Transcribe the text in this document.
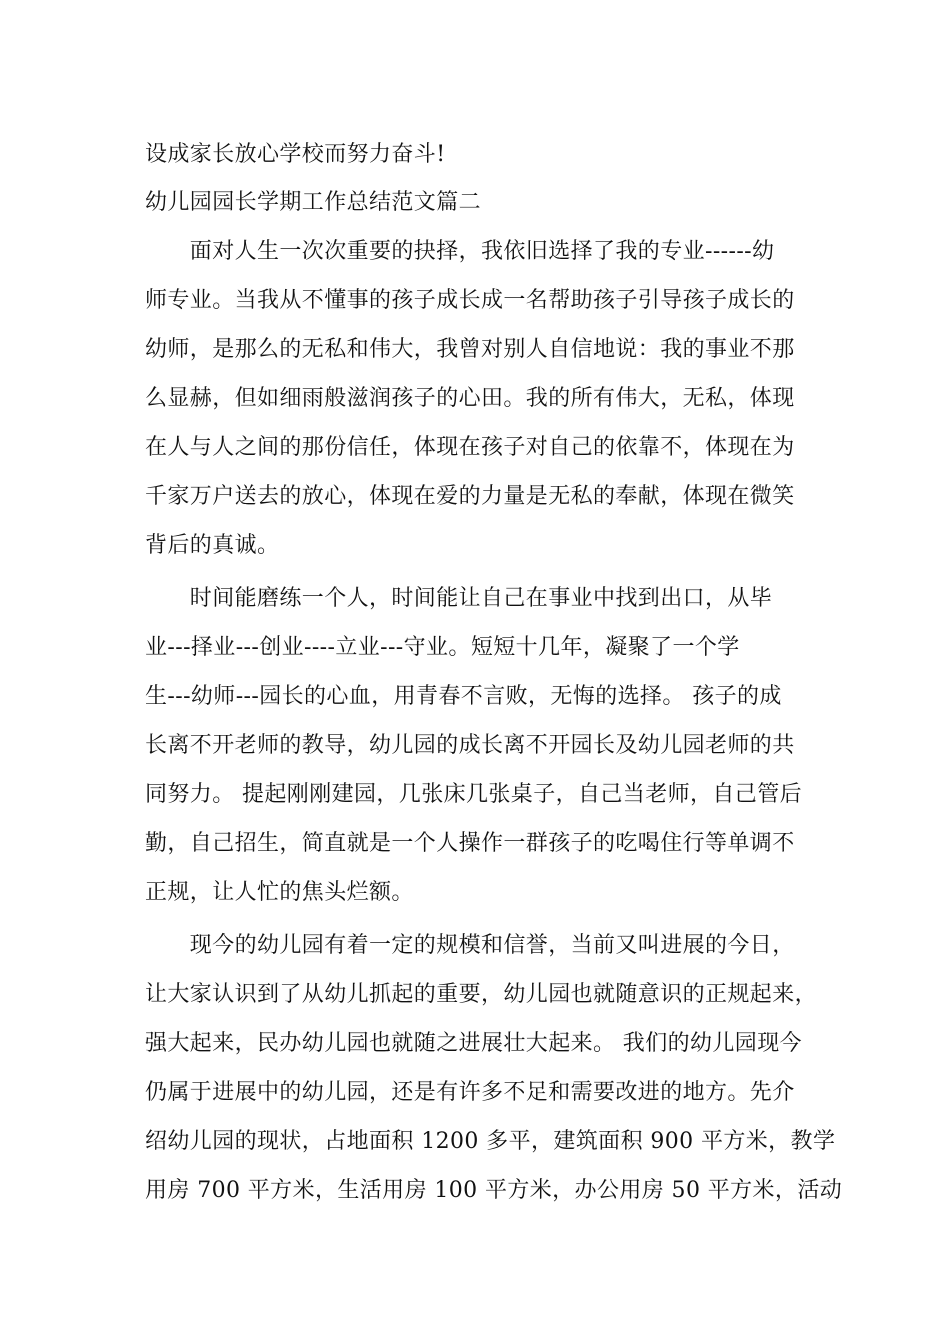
设成家长放心学校而努力奋斗!
幼儿园园长学期工作总结范文篇二
　　面对人生一次次重要的抉择，我依旧选择了我的专业------幼
师专业。当我从不懂事的孩子成长成一名帮助孩子引导孩子成长的
幼师，是那么的无私和伟大，我曾对别人自信地说：我的事业不那
么显赫，但如细雨般滋润孩子的心田。我的所有伟大，无私，体现
在人与人之间的那份信任，体现在孩子对自己的依靠不，体现在为
千家万户送去的放心，体现在爱的力量是无私的奉献，体现在微笑
背后的真诚。
　　时间能磨练一个人，时间能让自己在事业中找到出口，从毕
业---择业---创业----立业---守业。短短十几年，凝聚了一个学
生---幼师---园长的心血，用青春不言败，无悔的选择。 孩子的成
长离不开老师的教导，幼儿园的成长离不开园长及幼儿园老师的共
同努力。 提起刚刚建园，几张床几张桌子，自己当老师，自己管后
勤，自己招生，简直就是一个人操作一群孩子的吃喝住行等单调不
正规，让人忙的焦头烂额。
　　现今的幼儿园有着一定的规模和信誉，当前又叫进展的今日，
让大家认识到了从幼儿抓起的重要，幼儿园也就随意识的正规起来，
强大起来，民办幼儿园也就随之进展壮大起来。 我们的幼儿园现今
仍属于进展中的幼儿园，还是有许多不足和需要改进的地方。先介
绍幼儿园的现状，占地面积 1200 多平，建筑面积 900 平方米，教学
用房 700 平方米，生活用房 100 平方米，办公用房 50 平方米，活动
